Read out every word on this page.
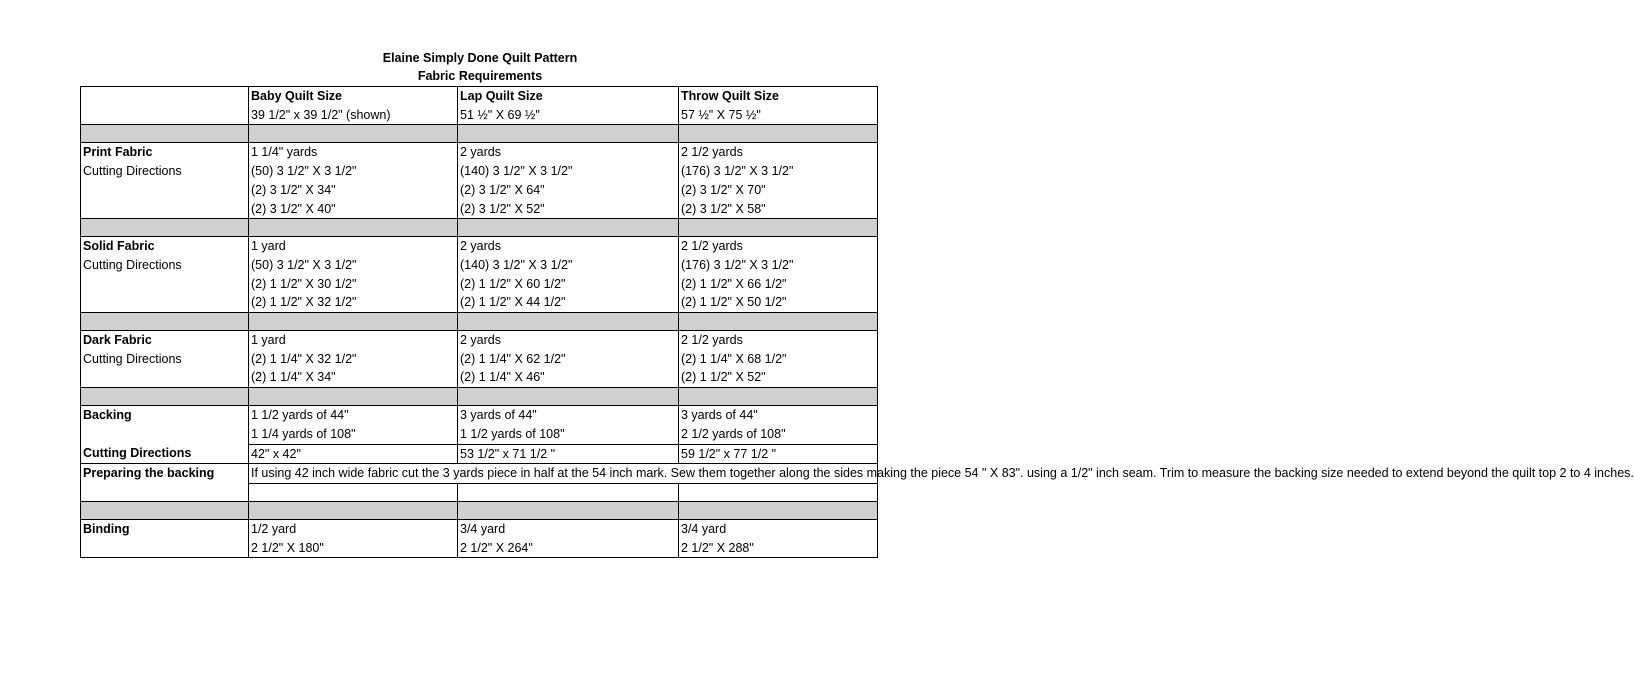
Elaine Simply Done Quilt Pattern
Fabric Requirements
	Baby Quilt Size	Lap Quilt Size	Throw Quilt Size
	39 1/2" x 39 1/2" (shown)	51 ½" X 69 ½"	57 ½" X 75 ½"

Print Fabric	1 1/4" yards	2 yards	2 1/2 yards
Cutting Directions	(50) 3 1/2" X 3 1/2"	(140) 3 1/2" X 3 1/2"	(176) 3 1/2" X 3 1/2"
	(2) 3 1/2" X 34"	(2) 3 1/2" X 64"	(2) 3 1/2" X 70"
	(2) 3 1/2" X 40"	(2) 3 1/2" X 52"	(2) 3 1/2" X 58"

Solid Fabric	1 yard	2 yards	2 1/2 yards
Cutting Directions	(50) 3 1/2" X 3 1/2"	(140) 3 1/2" X 3 1/2"	(176) 3 1/2" X 3 1/2"
	(2) 1 1/2" X 30 1/2"	(2) 1 1/2" X 60 1/2"	(2) 1 1/2" X 66 1/2"
	(2) 1 1/2" X 32 1/2"	(2) 1 1/2" X 44 1/2"	(2) 1 1/2" X 50 1/2"

Dark Fabric	1 yard	2 yards	2 1/2 yards
Cutting Directions	(2) 1 1/4" X 32 1/2"	(2) 1 1/4" X 62 1/2"	(2) 1 1/4" X 68 1/2"
	(2) 1 1/4" X 34"	(2) 1 1/4" X 46"	(2) 1 1/2" X 52"

Backing	1 1/2 yards of 44"	3 yards of 44"	3 yards of 44"
	1 1/4 yards of 108"	1 1/2 yards of 108"	2 1/2 yards of 108"
Cutting Directions	42" x 42"	53 1/2" x 71 1/2 "	59 1/2" x 77 1/2 "
Preparing the backing	If using 42 inch wide fabric cut the 3 yards piece in half at the 54 inch mark. Sew them together along the sides making the piece 54 " X 83". using a 1/2" inch seam. Trim to measure the backing size needed to extend beyond the quilt top 2 to 4 inches.		

Binding	1/2 yard	3/4 yard	3/4 yard
	2 1/2" X 180"	2 1/2" X 264"	2 1/2" X 288"
